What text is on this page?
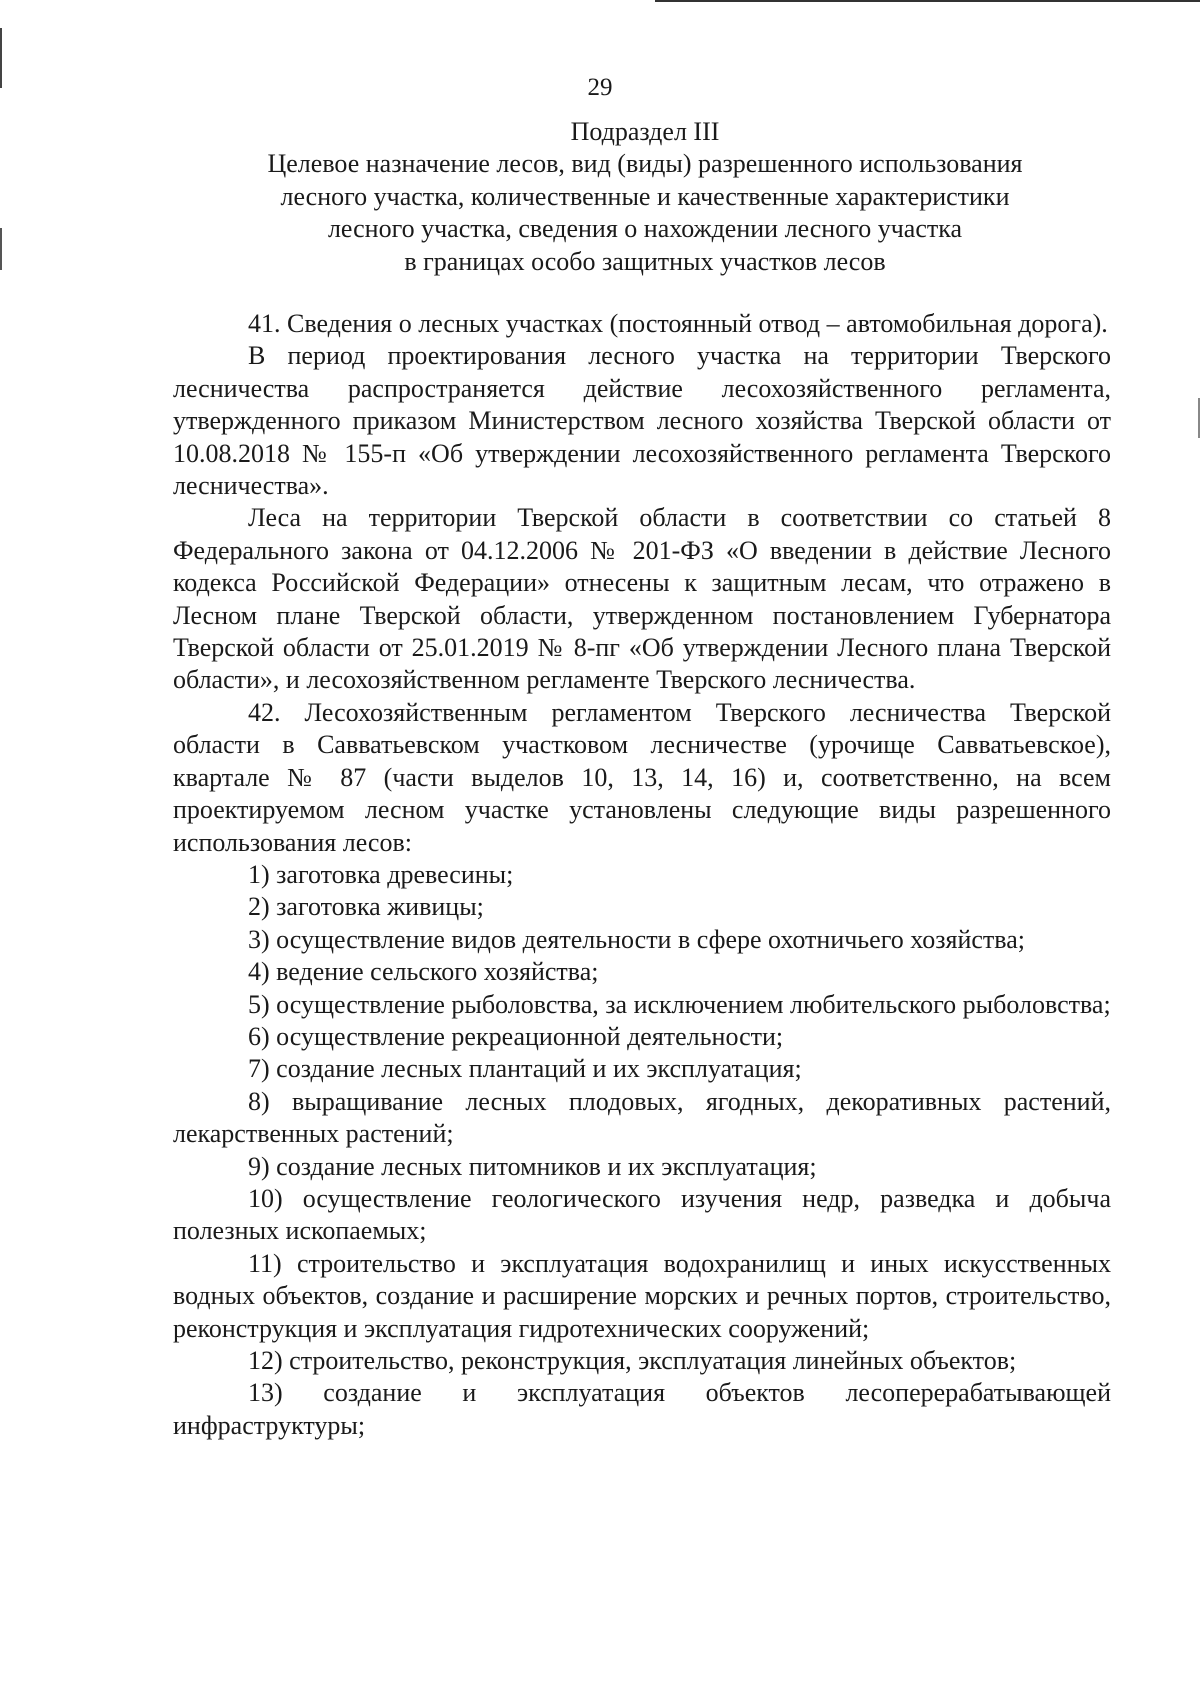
29
Подраздел III
Целевое назначение лесов, вид (виды) разрешенного использования
лесного участка, количественные и качественные характеристики
лесного участка, сведения о нахождении лесного участка
в границах особо защитных участков лесов

41. Сведения о лесных участках (постоянный отвод – автомобильная дорога).

В период проектирования лесного участка на территории Тверского лесничества распространяется действие лесохозяйственного регламента, утвержденного приказом Министерством лесного хозяйства Тверской области от 10.08.2018 № 155-п «Об утверждении лесохозяйственного регламента Тверского лесничества».

Леса на территории Тверской области в соответствии со статьей 8 Федерального закона от 04.12.2006 № 201-ФЗ «О введении в действие Лесного кодекса Российской Федерации» отнесены к защитным лесам, что отражено в Лесном плане Тверской области, утвержденном постановлением Губернатора Тверской области от 25.01.2019 № 8-пг «Об утверждении Лесного плана Тверской области», и лесохозяйственном регламенте Тверского лесничества.

42. Лесохозяйственным регламентом Тверского лесничества Тверской области в Савватьевском участковом лесничестве (урочище Савватьевское), квартале № 87 (части выделов 10, 13, 14, 16) и, соответственно, на всем проектируемом лесном участке установлены следующие виды разрешенного использования лесов:

1) заготовка древесины;

2) заготовка живицы;

3) осуществление видов деятельности в сфере охотничьего хозяйства;

4) ведение сельского хозяйства;

5) осуществление рыболовства, за исключением любительского рыболовства;

6) осуществление рекреационной деятельности;

7) создание лесных плантаций и их эксплуатация;

8) выращивание лесных плодовых, ягодных, декоративных растений, лекарственных растений;

9) создание лесных питомников и их эксплуатация;

10) осуществление геологического изучения недр, разведка и добыча полезных ископаемых;

11) строительство и эксплуатация водохранилищ и иных искусственных водных объектов, создание и расширение морских и речных портов, строительство, реконструкция и эксплуатация гидротехнических сооружений;

12) строительство, реконструкция, эксплуатация линейных объектов;

13) создание и эксплуатация объектов лесоперерабатывающей инфраструктуры;
